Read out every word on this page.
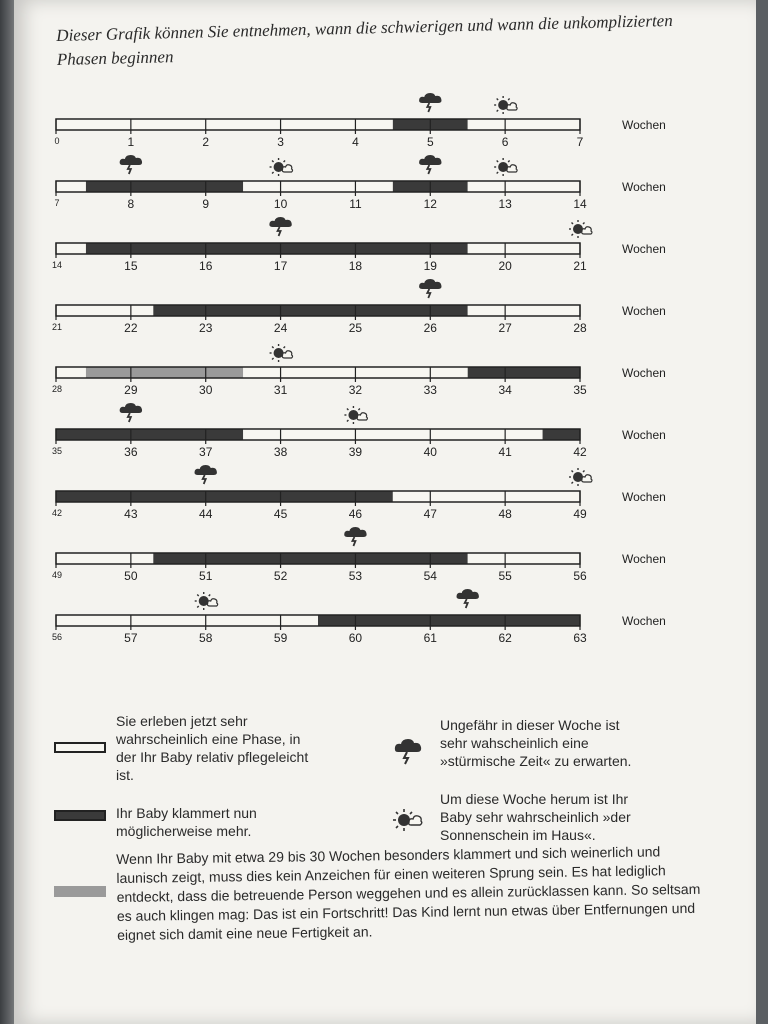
Dieser Grafik können Sie entnehmen, wann die schwierigen und wann die unkomplizierten Phasen beginnen

0	1	2	3	4	5	6	7
Wochen
7	8	9	10	11	12	13	14
Wochen
14	15	16	17	18	19	20	21
Wochen
21	22	23	24	25	26	27	28
Wochen
28	29	30	31	32	33	34	35
Wochen
35	36	37	38	39	40	41	42
Wochen
42	43	44	45	46	47	48	49
Wochen
49	50	51	52	53	54	55	56
Wochen
56	57	58	59	60	61	62	63
Wochen
Sie erleben jetzt sehr wahrscheinlich eine Phase, in der Ihr Baby relativ pflegeleicht ist.
Ihr Baby klammert nun möglicherweise mehr.
Ungefähr in dieser Woche ist sehr wahscheinlich eine »stürmische Zeit« zu erwarten.
Um diese Woche herum ist Ihr Baby sehr wahrscheinlich »der Sonnenschein im Haus«.
Wenn Ihr Baby mit etwa 29 bis 30 Wochen besonders klammert und sich weinerlich und launisch zeigt, muss dies kein Anzeichen für einen weiteren Sprung sein. Es hat lediglich entdeckt, dass die betreuende Person weggehen und es allein zurücklassen kann. So seltsam es auch klingen mag: Das ist ein Fortschritt! Das Kind lernt nun etwas über Entfernungen und eignet sich damit eine neue Fertigkeit an.
